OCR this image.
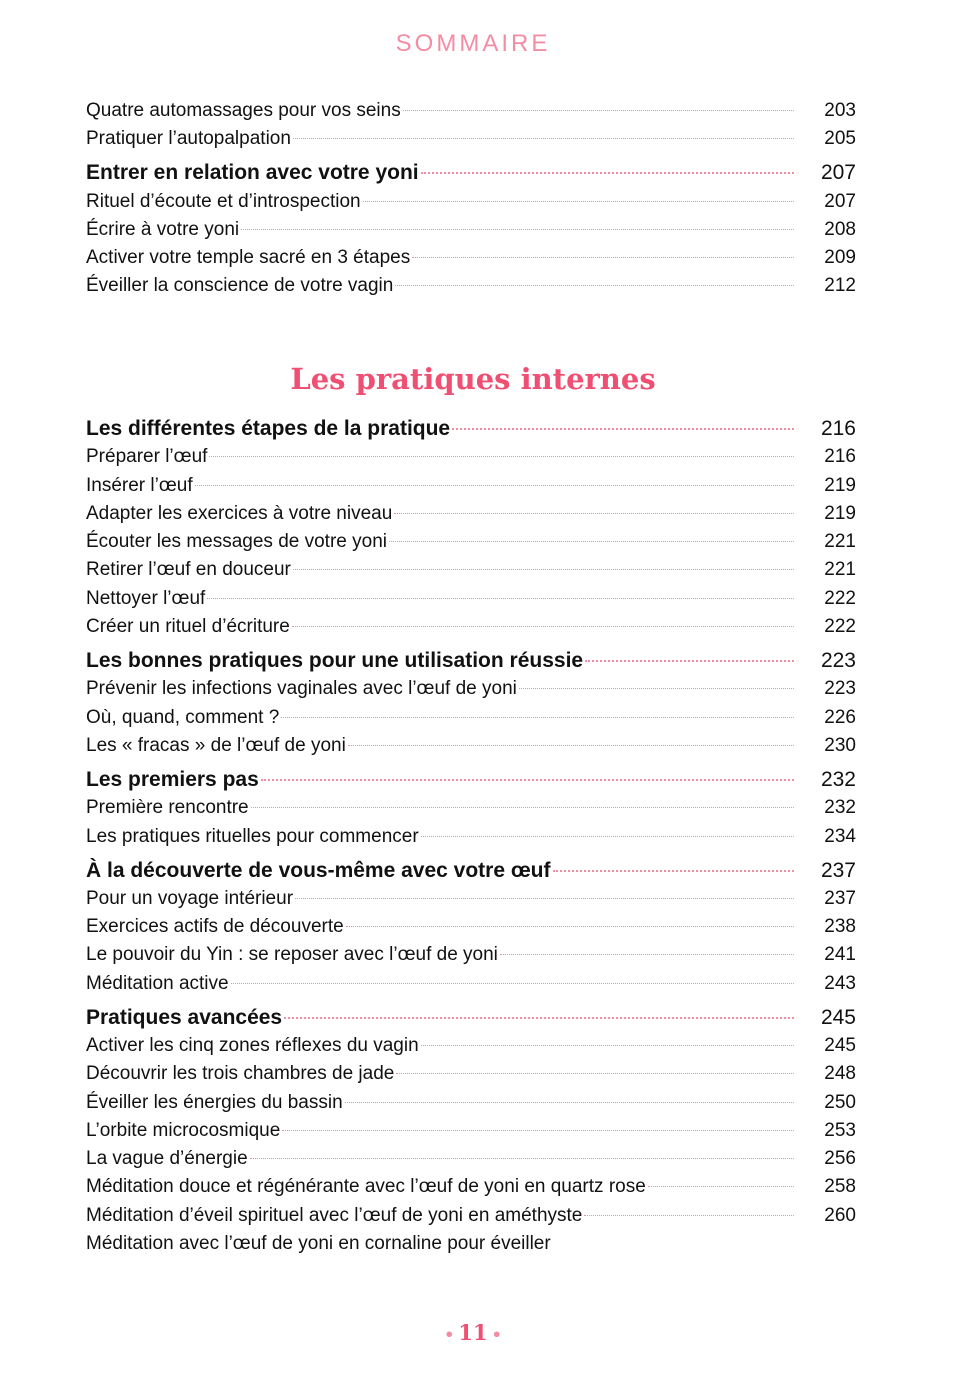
SOMMAIRE
Quatre automassages pour vos seins	203
Pratiquer l’autopalpation	205
Entrer en relation avec votre yoni	207
Rituel d’écoute et d’introspection	207
Écrire à votre yoni	208
Activer votre temple sacré en 3 étapes	209
Éveiller la conscience de votre vagin	212
Les pratiques internes
Les différentes étapes de la pratique	216
Préparer l’œuf	216
Insérer l’œuf	219
Adapter les exercices à votre niveau	219
Écouter les messages de votre yoni	221
Retirer l’œuf en douceur	221
Nettoyer l’œuf	222
Créer un rituel d’écriture	222
Les bonnes pratiques pour une utilisation réussie	223
Prévenir les infections vaginales avec l’œuf de yoni	223
Où, quand, comment ?	226
Les « fracas » de l’œuf de yoni	230
Les premiers pas	232
Première rencontre	232
Les pratiques rituelles pour commencer	234
À la découverte de vous-même avec votre œuf	237
Pour un voyage intérieur	237
Exercices actifs de découverte	238
Le pouvoir du Yin : se reposer avec l’œuf de yoni	241
Méditation active	243
Pratiques avancées	245
Activer les cinq zones réflexes du vagin	245
Découvrir les trois chambres de jade	248
Éveiller les énergies du bassin	250
L’orbite microcosmique	253
La vague d’énergie	256
Méditation douce et régénérante avec l’œuf de yoni en quartz rose	258
Méditation d’éveil spirituel avec l’œuf de yoni en améthyste	260
Méditation avec l’œuf de yoni en cornaline pour éveiller
• 11 •
